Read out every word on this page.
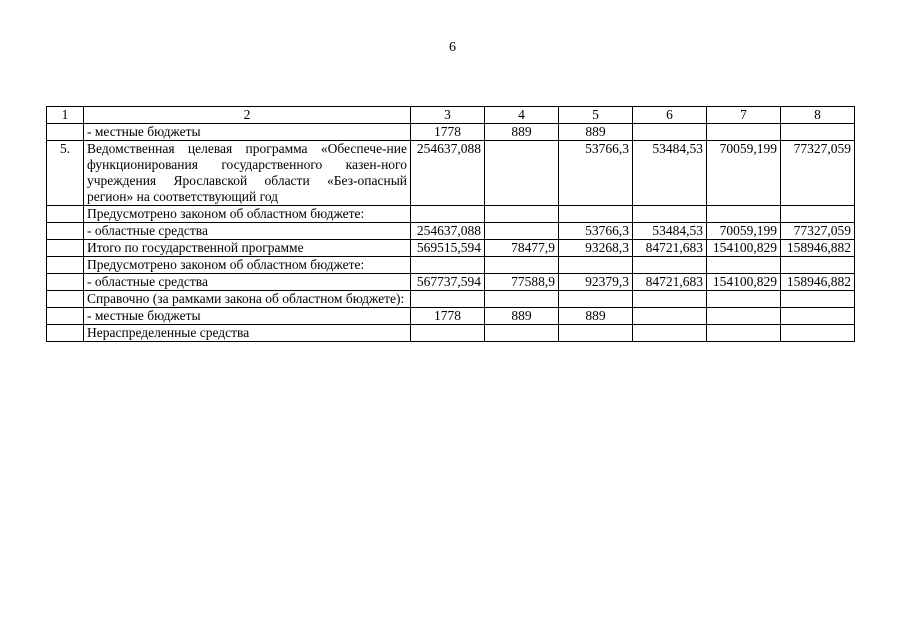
6
1	2	3	4	5	6	7	8
	- местные бюджеты	1778	889	889			
5.	Ведомственная целевая программа «Обеспече-ние функционирования государственного казен-ного учреждения Ярославской области «Без-опасный регион» на соответствующий год	254637,088		53766,3	53484,53	70059,199	77327,059
	Предусмотрено законом об областном бюджете:						
	- областные средства	254637,088		53766,3	53484,53	70059,199	77327,059
	Итого по государственной программе	569515,594	78477,9	93268,3	84721,683	154100,829	158946,882
	Предусмотрено законом об областном бюджете:						
	- областные средства	567737,594	77588,9	92379,3	84721,683	154100,829	158946,882
	Справочно (за рамками закона об областном бюджете):						
	- местные бюджеты	1778	889	889			
	Нераспределенные средства						
